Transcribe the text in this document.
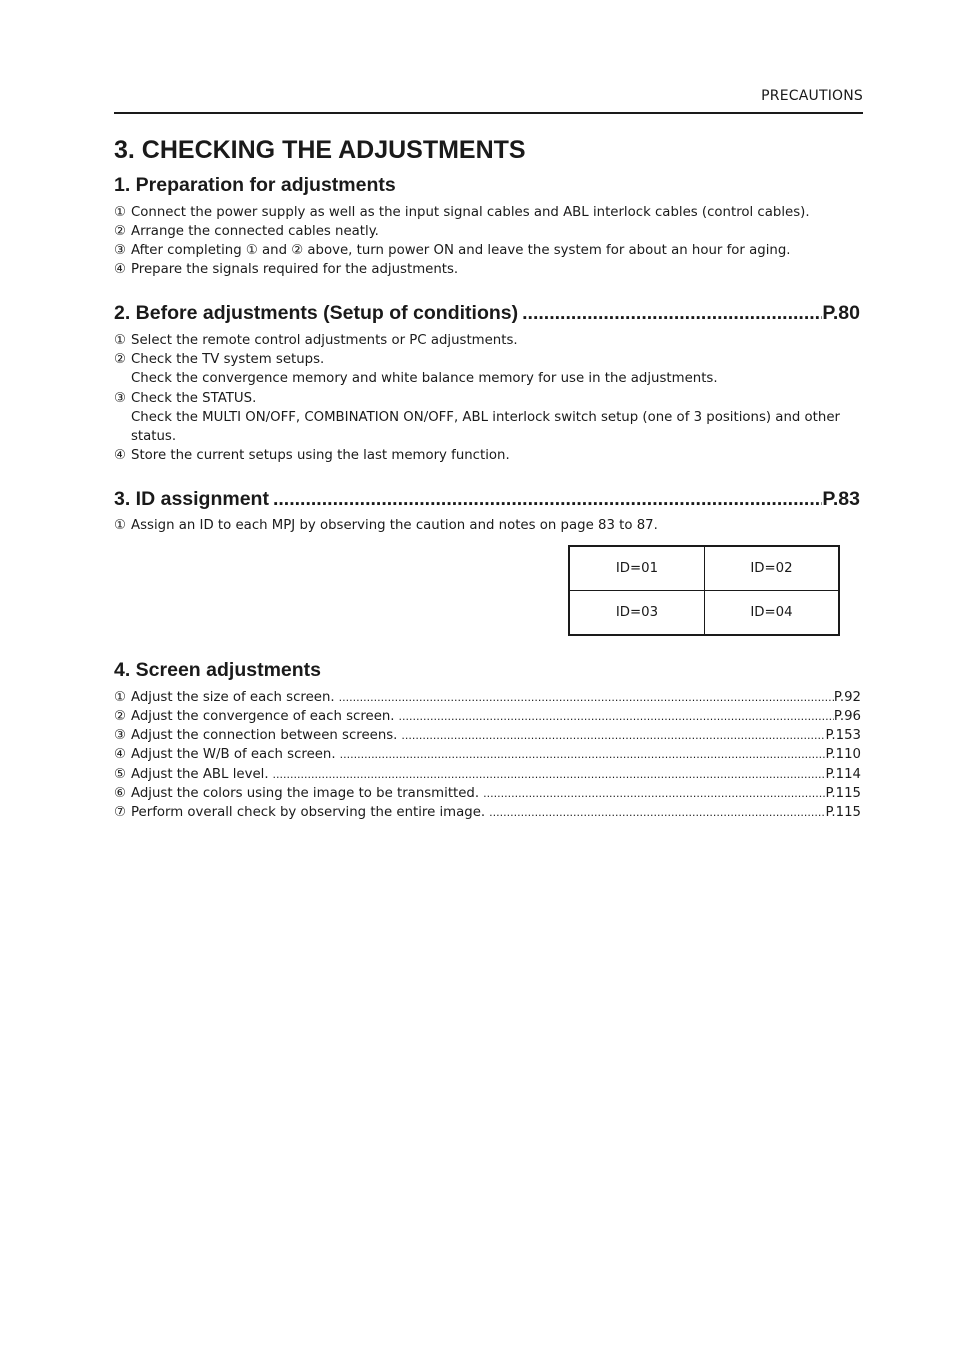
PRECAUTIONS
3. CHECKING THE ADJUSTMENTS
1. Preparation for adjustments
① Connect the power supply as well as the input signal cables and ABL interlock cables (control cables).
② Arrange the connected cables neatly.
③ After completing ① and ② above, turn power ON and leave the system for about an hour for aging.
④ Prepare the signals required for the adjustments.
2. Before adjustments (Setup of conditions) .....	P.80
① Select the remote control adjustments or PC adjustments.
② Check the TV system setups.
Check the convergence memory and white balance memory for use in the adjustments.
③ Check the STATUS.
Check the MULTI ON/OFF, COMBINATION ON/OFF, ABL interlock switch setup (one of 3 positions) and other
status.
④ Store the current setups using the last memory function.
3. ID assignment .....	P.83
① Assign an ID to each MPJ by observing the caution and notes on page 83 to 87.
ID=01	ID=02
ID=03	ID=04
4. Screen adjustments
① Adjust the size of each screen. .....	P.92
② Adjust the convergence of each screen. .....	P.96
③ Adjust the connection between screens. .....	P.153
④ Adjust the W/B of each screen. .....	P.110
⑤ Adjust the ABL level. .....	P.114
⑥ Adjust the colors using the image to be transmitted. .....	P.115
⑦ Perform overall check by observing the entire image. .....	P.115
